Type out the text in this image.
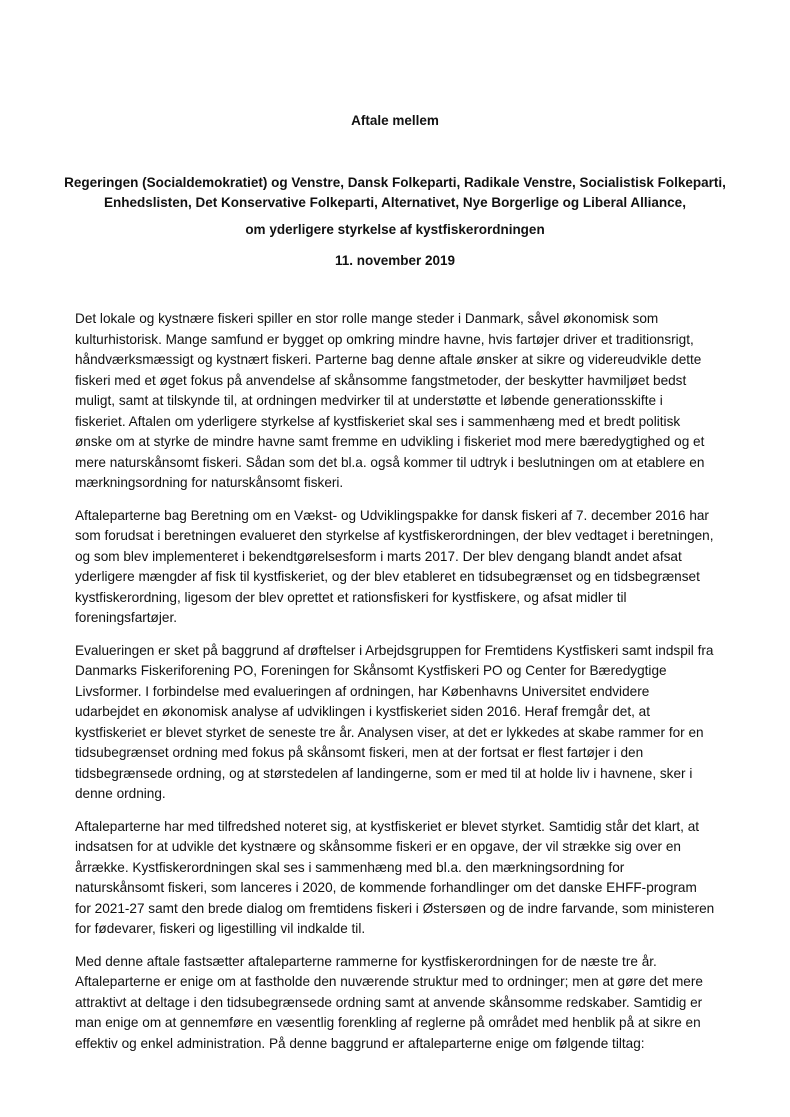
Aftale mellem

Regeringen (Socialdemokratiet) og Venstre, Dansk Folkeparti, Radikale Venstre, Socialistisk Folkeparti, Enhedslisten, Det Konservative Folkeparti, Alternativet, Nye Borgerlige og Liberal Alliance,

om yderligere styrkelse af kystfiskerordningen

11. november 2019

Det lokale og kystnære fiskeri spiller en stor rolle mange steder i Danmark, såvel økonomisk som kulturhistorisk. Mange samfund er bygget op omkring mindre havne, hvis fartøjer driver et traditionsrigt, håndværksmæssigt og kystnært fiskeri. Parterne bag denne aftale ønsker at sikre og videreudvikle dette fiskeri med et øget fokus på anvendelse af skånsomme fangstmetoder, der beskytter havmiljøet bedst muligt, samt at tilskynde til, at ordningen medvirker til at understøtte et løbende generationsskifte i fiskeriet. Aftalen om yderligere styrkelse af kystfiskeriet skal ses i sammenhæng med et bredt politisk ønske om at styrke de mindre havne samt fremme en udvikling i fiskeriet mod mere bæredygtighed og et mere naturskånsomt fiskeri. Sådan som det bl.a. også kommer til udtryk i beslutningen om at etablere en mærkningsordning for naturskånsomt fiskeri.

Aftaleparterne bag Beretning om en Vækst- og Udviklingspakke for dansk fiskeri af 7. december 2016 har som forudsat i beretningen evalueret den styrkelse af kystfiskerordningen, der blev vedtaget i beretningen, og som blev implementeret i bekendtgørelsesform i marts 2017. Der blev dengang blandt andet afsat yderligere mængder af fisk til kystfiskeriet, og der blev etableret en tidsubegrænset og en tidsbegrænset kystfiskerordning, ligesom der blev oprettet et rationsfiskeri for kystfiskere, og afsat midler til foreningsfartøjer.

Evalueringen er sket på baggrund af drøftelser i Arbejdsgruppen for Fremtidens Kystfiskeri samt indspil fra Danmarks Fiskeriforening PO, Foreningen for Skånsomt Kystfiskeri PO og Center for Bæredygtige Livsformer. I forbindelse med evalueringen af ordningen, har Københavns Universitet endvidere udarbejdet en økonomisk analyse af udviklingen i kystfiskeriet siden 2016. Heraf fremgår det, at kystfiskeriet er blevet styrket de seneste tre år. Analysen viser, at det er lykkedes at skabe rammer for en tidsubegrænset ordning med fokus på skånsomt fiskeri, men at der fortsat er flest fartøjer i den tidsbegrænsede ordning, og at størstedelen af landingerne, som er med til at holde liv i havnene, sker i denne ordning.

Aftaleparterne har med tilfredshed noteret sig, at kystfiskeriet er blevet styrket. Samtidig står det klart, at indsatsen for at udvikle det kystnære og skånsomme fiskeri er en opgave, der vil strække sig over en årrække. Kystfiskerordningen skal ses i sammenhæng med bl.a. den mærkningsordning for naturskånsomt fiskeri, som lanceres i 2020, de kommende forhandlinger om det danske EHFF-program for 2021-27 samt den brede dialog om fremtidens fiskeri i Østersøen og de indre farvande, som ministeren for fødevarer, fiskeri og ligestilling vil indkalde til.

Med denne aftale fastsætter aftaleparterne rammerne for kystfiskerordningen for de næste tre år. Aftaleparterne er enige om at fastholde den nuværende struktur med to ordninger; men at gøre det mere attraktivt at deltage i den tidsubegrænsede ordning samt at anvende skånsomme redskaber. Samtidig er man enige om at gennemføre en væsentlig forenkling af reglerne på området med henblik på at sikre en effektiv og enkel administration. På denne baggrund er aftaleparterne enige om følgende tiltag:
